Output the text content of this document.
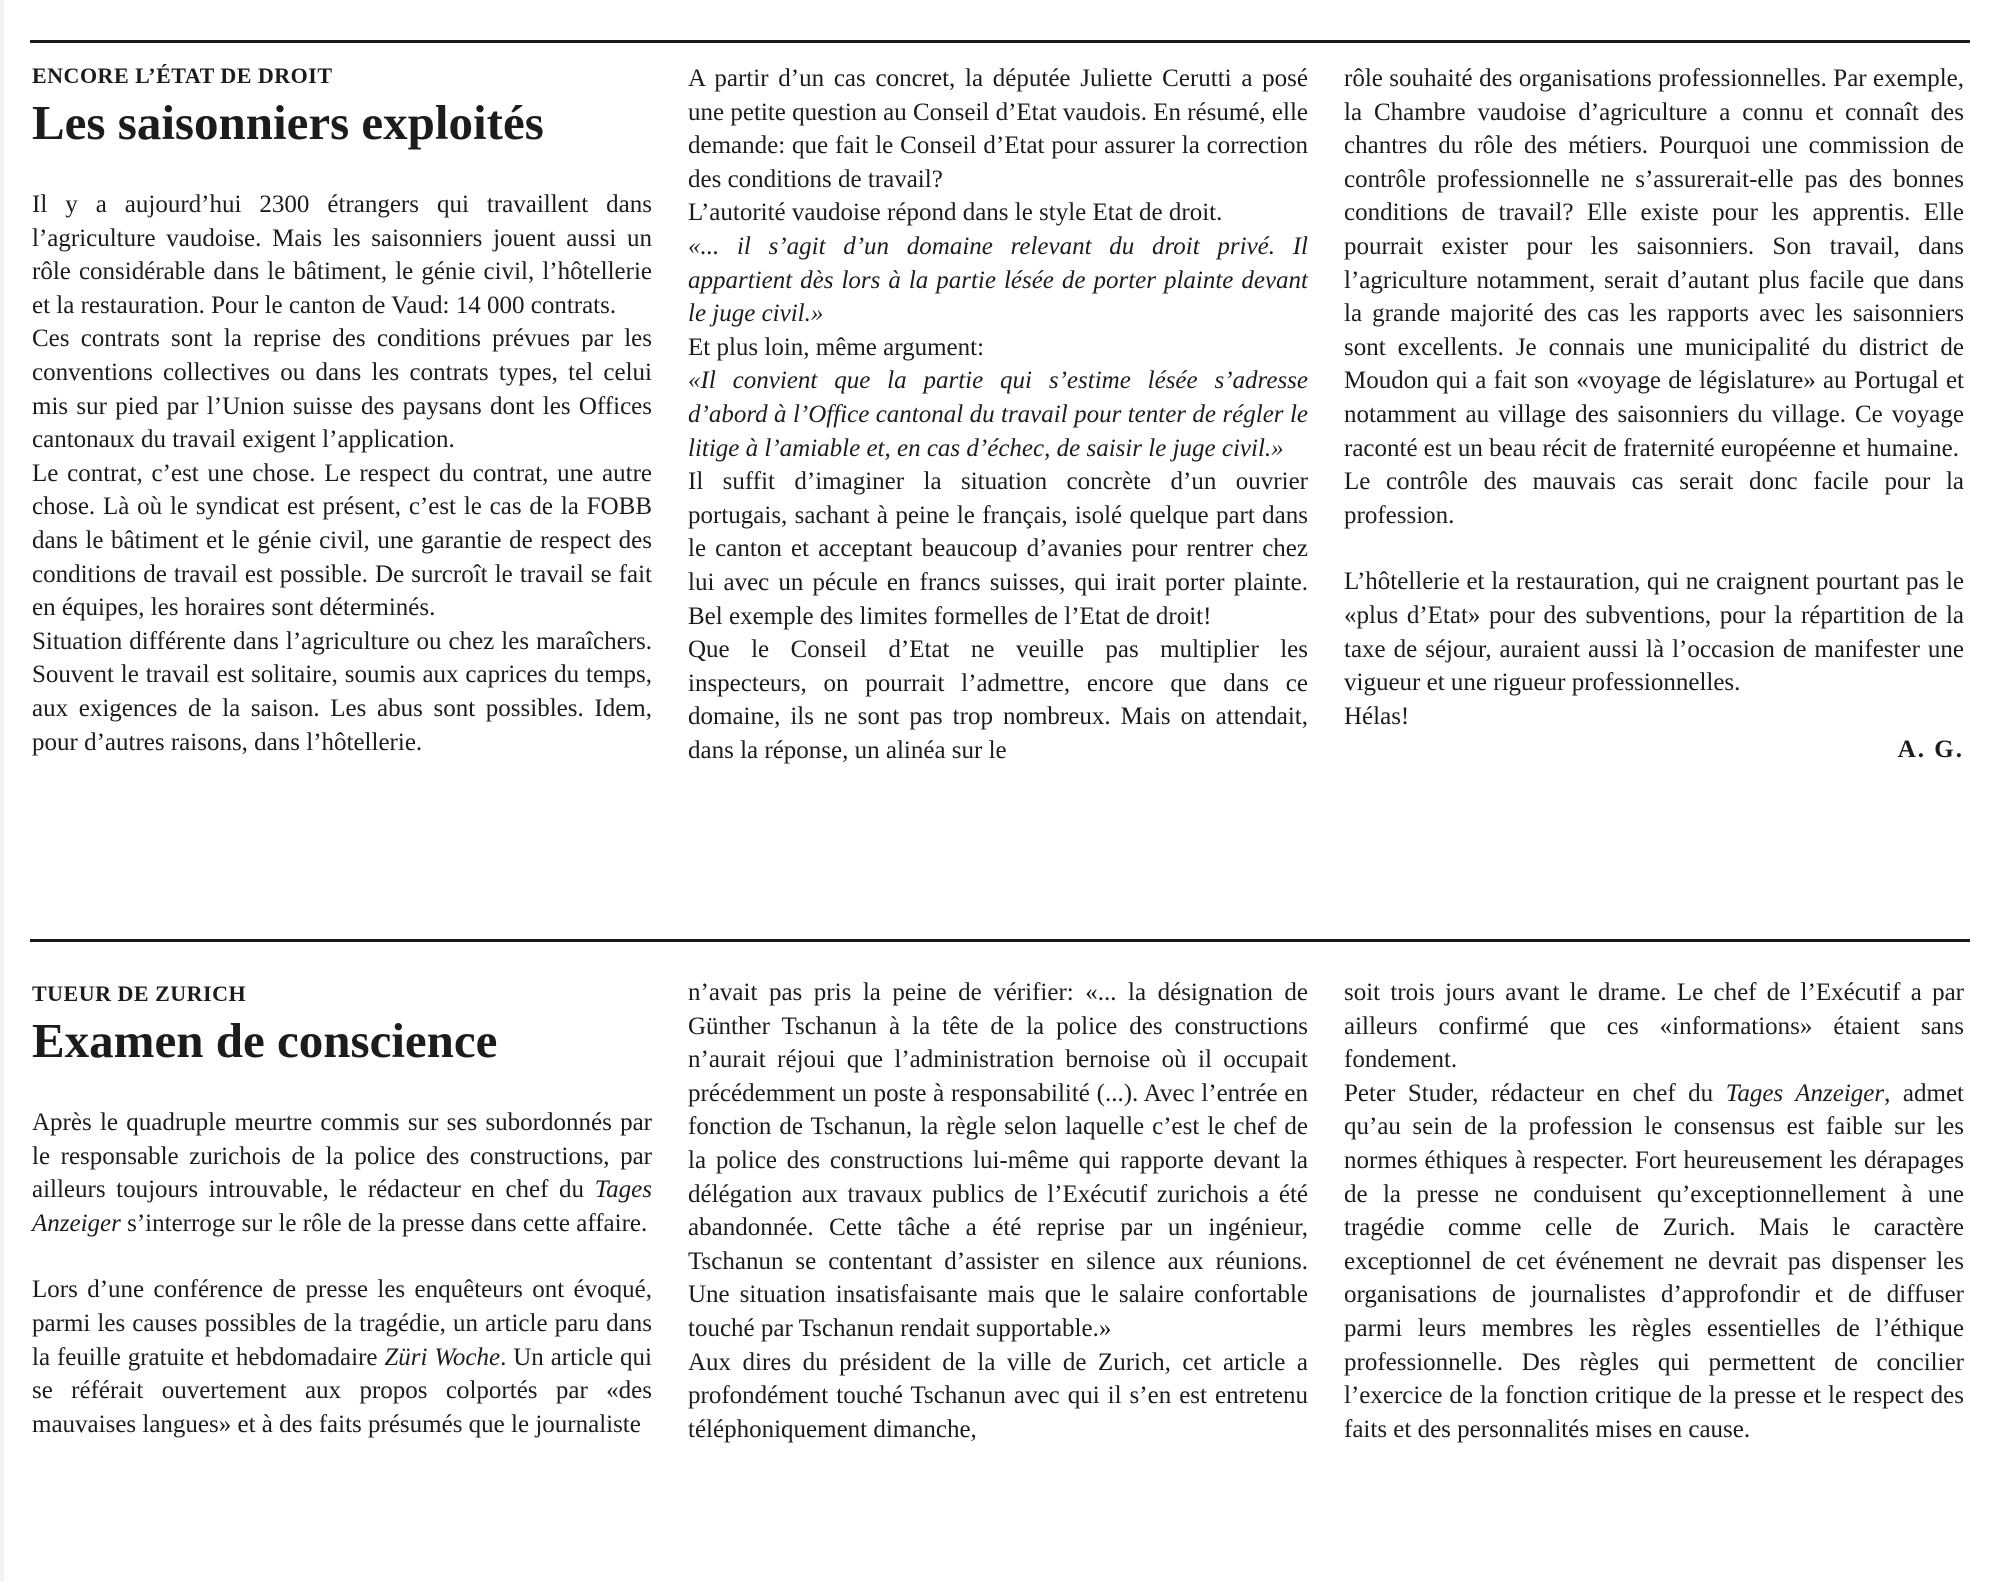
ENCORE L’ÉTAT DE DROIT

Les saisonniers exploités

Il y a aujourd’hui 2300 étrangers qui travaillent dans l’agriculture vaudoise. Mais les saisonniers jouent aussi un rôle considérable dans le bâtiment, le génie civil, l’hôtellerie et la restauration. Pour le canton de Vaud: 14 000 contrats.

Ces contrats sont la reprise des conditions prévues par les conventions collectives ou dans les contrats types, tel celui mis sur pied par l’Union suisse des paysans dont les Offices cantonaux du travail exigent l’application.

Le contrat, c’est une chose. Le respect du contrat, une autre chose. Là où le syndicat est présent, c’est le cas de la FOBB dans le bâtiment et le génie civil, une garantie de respect des conditions de travail est possible. De surcroît le travail se fait en équipes, les horaires sont déterminés.

Situation différente dans l’agriculture ou chez les maraîchers. Souvent le travail est solitaire, soumis aux caprices du temps, aux exigences de la saison. Les abus sont possibles. Idem, pour d’autres raisons, dans l’hôtellerie.

A partir d’un cas concret, la députée Juliette Cerutti a posé une petite question au Conseil d’Etat vaudois. En résumé, elle demande: que fait le Conseil d’Etat pour assurer la correction des conditions de travail?

L’autorité vaudoise répond dans le style Etat de droit.

«... il s’agit d’un domaine relevant du droit privé. Il appartient dès lors à la partie lésée de porter plainte devant le juge civil.»

Et plus loin, même argument:

«Il convient que la partie qui s’estime lésée s’adresse d’abord à l’Office cantonal du travail pour tenter de régler le litige à l’amiable et, en cas d’échec, de saisir le juge civil.»

Il suffit d’imaginer la situation concrète d’un ouvrier portugais, sachant à peine le français, isolé quelque part dans le canton et acceptant beaucoup d’avanies pour rentrer chez lui avec un pécule en francs suisses, qui irait porter plainte. Bel exemple des limites formelles de l’Etat de droit!

Que le Conseil d’Etat ne veuille pas multiplier les inspecteurs, on pourrait l’admettre, encore que dans ce domaine, ils ne sont pas trop nombreux. Mais on attendait, dans la réponse, un alinéa sur le

rôle souhaité des organisations professionnelles. Par exemple, la Chambre vaudoise d’agriculture a connu et connaît des chantres du rôle des métiers. Pourquoi une commission de contrôle professionnelle ne s’assurerait-elle pas des bonnes conditions de travail? Elle existe pour les apprentis. Elle pourrait exister pour les saisonniers. Son travail, dans l’agriculture notamment, serait d’autant plus facile que dans la grande majorité des cas les rapports avec les saisonniers sont excellents. Je connais une municipalité du district de Moudon qui a fait son «voyage de législature» au Portugal et notamment au village des saisonniers du village. Ce voyage raconté est un beau récit de fraternité européenne et humaine.

Le contrôle des mauvais cas serait donc facile pour la profession.

L’hôtellerie et la restauration, qui ne craignent pourtant pas le «plus d’Etat» pour des subventions, pour la répartition de la taxe de séjour, auraient aussi là l’occasion de manifester une vigueur et une rigueur professionnelles.

Hélas!

A. G.

TUEUR DE ZURICH

Examen de conscience

Après le quadruple meurtre commis sur ses subordonnés par le responsable zurichois de la police des constructions, par ailleurs toujours introuvable, le rédacteur en chef du Tages Anzeiger s’interroge sur le rôle de la presse dans cette affaire.

Lors d’une conférence de presse les enquêteurs ont évoqué, parmi les causes possibles de la tragédie, un article paru dans la feuille gratuite et hebdomadaire Züri Woche. Un article qui se référait ouvertement aux propos colportés par «des mauvaises langues» et à des faits présumés que le journaliste

n’avait pas pris la peine de vérifier: «... la désignation de Günther Tschanun à la tête de la police des constructions n’aurait réjoui que l’administration bernoise où il occupait précédemment un poste à responsabilité (...). Avec l’entrée en fonction de Tschanun, la règle selon laquelle c’est le chef de la police des constructions lui-même qui rapporte devant la délégation aux travaux publics de l’Exécutif zurichois a été abandonnée. Cette tâche a été reprise par un ingénieur, Tschanun se contentant d’assister en silence aux réunions. Une situation insatisfaisante mais que le salaire confortable touché par Tschanun rendait supportable.»

Aux dires du président de la ville de Zurich, cet article a profondément touché Tschanun avec qui il s’en est entretenu téléphoniquement dimanche,

soit trois jours avant le drame. Le chef de l’Exécutif a par ailleurs confirmé que ces «informations» étaient sans fondement.

Peter Studer, rédacteur en chef du Tages Anzeiger, admet qu’au sein de la profession le consensus est faible sur les normes éthiques à respecter. Fort heureusement les dérapages de la presse ne conduisent qu’exceptionnellement à une tragédie comme celle de Zurich. Mais le caractère exceptionnel de cet événement ne devrait pas dispenser les organisations de journalistes d’approfondir et de diffuser parmi leurs membres les règles essentielles de l’éthique professionnelle. Des règles qui permettent de concilier l’exercice de la fonction critique de la presse et le respect des faits et des personnalités mises en cause.
